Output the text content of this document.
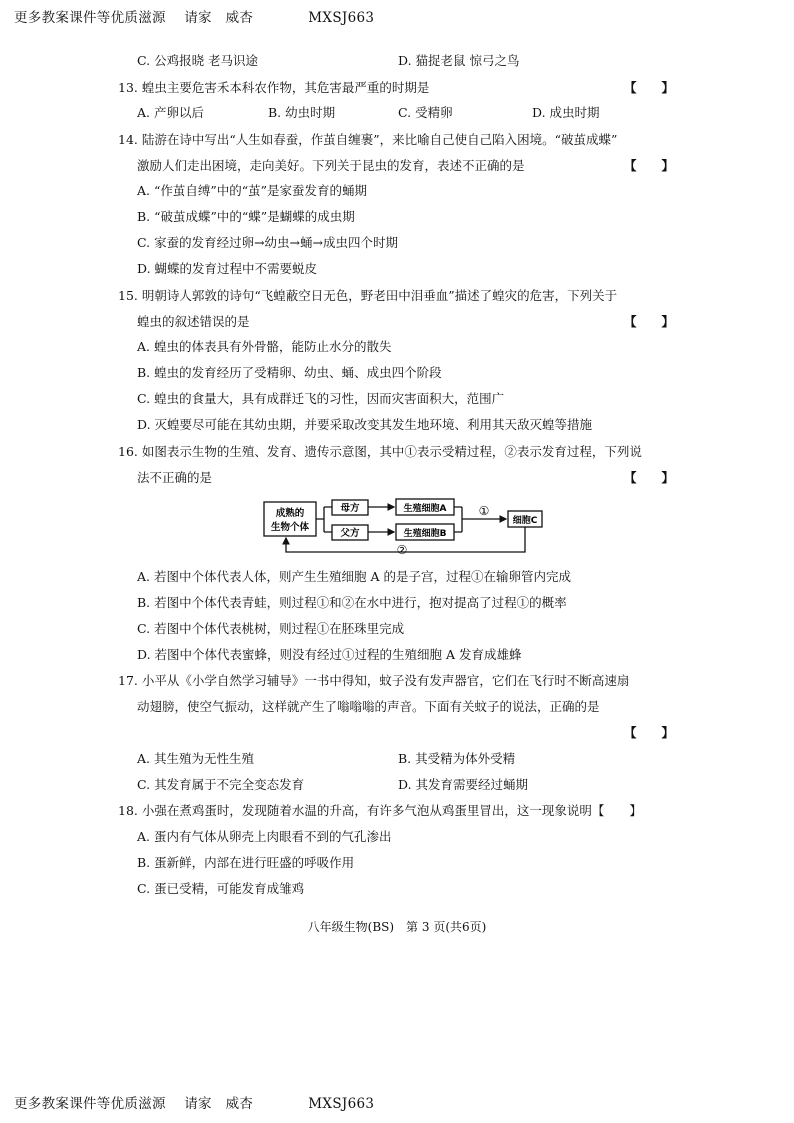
更多教案课件等优质滋源 请家　威杏	MXSJ663
C. 公鸡报晓 老马识途	D. 猫捉老鼠 惊弓之鸟
13. 蝗虫主要危害禾本科农作物，其危害最严重的时期是	【　　】
A. 产卵以后	B. 幼虫时期	C. 受精卵	D. 成虫时期
14. 陆游在诗中写出“人生如春蚕，作茧自缠裹”，来比喻自己使自己陷入困境。“破茧成蝶”
激励人们走出困境，走向美好。下列关于昆虫的发育，表述不正确的是	【　　】
A. “作茧自缚”中的“茧”是家蚕发育的蛹期
B. “破茧成蝶”中的“蝶”是蝴蝶的成虫期
C. 家蚕的发育经过卵→幼虫→蛹→成虫四个时期
D. 蝴蝶的发育过程中不需要蜕皮
15. 明朝诗人郭敦的诗句“飞蝗蔽空日无色，野老田中泪垂血”描述了蝗灾的危害，下列关于
蝗虫的叙述错误的是	【　　】
A. 蝗虫的体表具有外骨骼，能防止水分的散失
B. 蝗虫的发育经历了受精卵、幼虫、蛹、成虫四个阶段
C. 蝗虫的食量大，具有成群迁飞的习性，因而灾害面积大，范围广
D. 灭蝗要尽可能在其幼虫期，并要采取改变其发生地环境、利用其天敌灭蝗等措施
16. 如图表示生物的生殖、发育、遗传示意图，其中①表示受精过程，②表示发育过程，下列说
法不正确的是	【　　】
成熟的
生物个体
母方
父方
生殖细胞A
生殖细胞B
①
细胞C
②
A. 若图中个体代表人体，则产生生殖细胞 A 的是子宫，过程①在输卵管内完成
B. 若图中个体代表青蛙，则过程①和②在水中进行，抱对提高了过程①的概率
C. 若图中个体代表桃树，则过程①在胚珠里完成
D. 若图中个体代表蜜蜂，则没有经过①过程的生殖细胞 A 发育成雄蜂
17. 小平从《小学自然学习辅导》一书中得知，蚊子没有发声器官，它们在飞行时不断高速扇
动翅膀，使空气振动，这样就产生了嗡嗡嗡的声音。下面有关蚊子的说法，正确的是
【　　】
A. 其生殖为无性生殖	B. 其受精为体外受精
C. 其发育属于不完全变态发育	D. 其发育需要经过蛹期
18. 小强在煮鸡蛋时，发现随着水温的升高，有许多气泡从鸡蛋里冒出，这一现象说明【　　】
A. 蛋内有气体从卵壳上肉眼看不到的气孔渗出
B. 蛋新鲜，内部在进行旺盛的呼吸作用
C. 蛋已受精，可能发育成雏鸡
八年级生物(BS)　第 3 页(共6页)
更多教案课件等优质滋源 请家　威杏	MXSJ663
